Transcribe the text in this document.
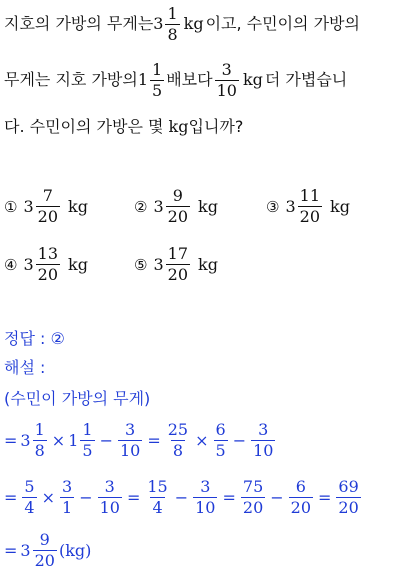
지호의 가방의 무게는 $3 \frac{1}{8}$ kg 이고, 수민이의 가방의
무게는 지호 가방의 $1 \frac{1}{5}$ 배보다 $\frac{3}{10}$ kg 더 가볍습니
다. 수민이의 가방은 몇 kg입니까?
① $3 \frac{7}{20}$ kg	② $3 \frac{9}{20}$ kg	③ $3 \frac{11}{20}$ kg
④ $3 \frac{13}{20}$ kg	⑤ $3 \frac{17}{20}$ kg
정답 : ②
해설 :
(수민이 가방의 무게)
= $3 \frac{1}{8} \times 1 \frac{1}{5} - \frac{3}{10} = \frac{25}{8} \times \frac{6}{5} - \frac{3}{10}$
= $\frac{5}{4} \times \frac{3}{1} - \frac{3}{10} = \frac{15}{4} - \frac{3}{10} = \frac{75}{20} - \frac{6}{20} = \frac{69}{20}$
= $3 \frac{9}{20} (kg)$
